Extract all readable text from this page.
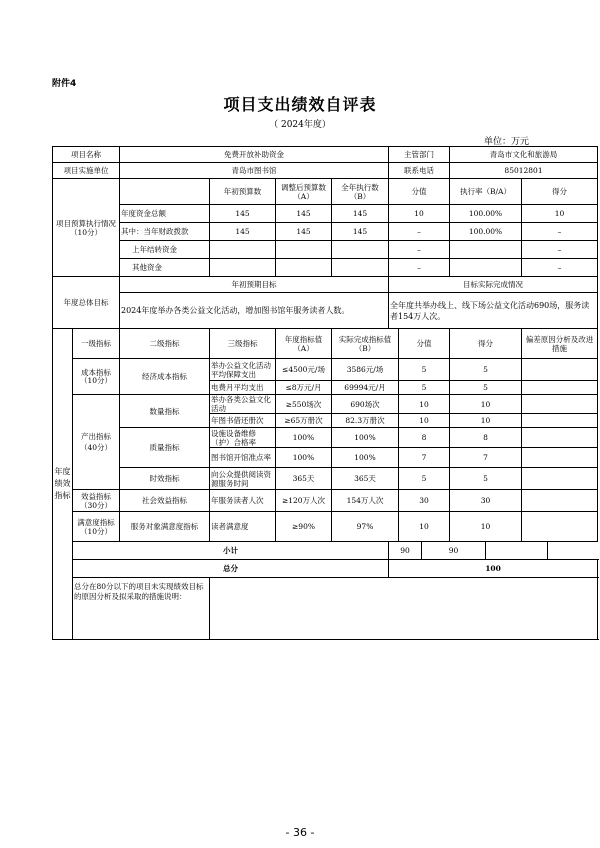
附件4
项目支出绩效自评表
（ 2024年度）
单位：万元
项目名称		免费开放补助资金				主管部门			青岛市文化和旅游局		
项目实施单位		青岛市图书馆				联系电话			85012801		
项目预算执行情况（10分）			年初预算数	调整后预算数（A）	全年执行数（B）	分值			执行率（B/A）		得分
		年度资金总额	145	145	145	10			100.00%		10
		其中：当年财政拨款	145	145	145	–			100.00%		–
		上年结转资金				–					–
		其他资金				–					–
年度总体目标		年初预期目标				目标实际完成情况					
		2024年度举办各类公益文化活动，增加图书馆年服务读者人数。				全年度共举办线上、线下场公益文化活动690场，服务读者154万人次。					
年度绩效指标	一级指标	二级指标	三级指标	年度指标值（A）	实际完成指标值（B）		分值		得分		偏差原因分析及改进措施
	成本指标（10分）	经济成本指标	举办公益文化活动平均保障支出	≤4500元/场	3586元/场		5		5		
			电费月平均支出	≤8万元/月	69994元/月		5		5		
	产出指标（40分）	数量指标	举办各类公益文化活动	≥550场次	690场次		10		10		
			年图书借还册次	≥65万册次	82.3万册次		10		10		
		质量指标	设施设备维修（护）合格率	100%	100%		8		8		
			图书馆开馆准点率	100%	100%		7		7		
		时效指标	向公众提供阅读资源服务时间	365天	365天		5		5		
	效益指标（30分）	社会效益指标	年服务读者人次	≥120万人次	154万人次		30		30		
	满意度指标（10分）	服务对象满意度指标	读者满意度	≥90%	97%		10		10		
	小计					90		90			
	总分					100					
	总分在80分以下的项目未实现绩效目标的原因分析及拟采取的措施说明：										
- 36 -
